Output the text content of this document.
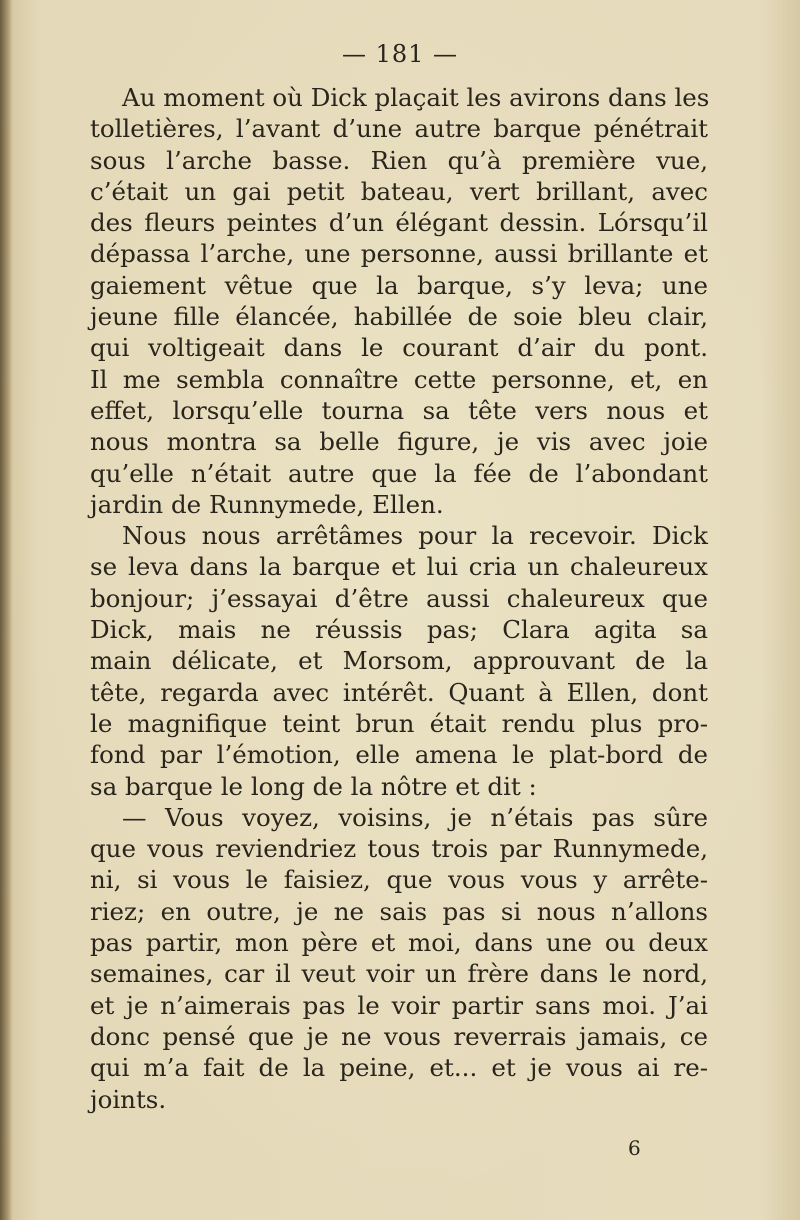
— 181 —
Au moment où Dick plaçait les avirons dans les
tolletières, l’avant d’une autre barque pénétrait
sous l’arche basse. Rien qu’à première vue,
c’était un gai petit bateau, vert brillant, avec
des fleurs peintes d’un élégant dessin. Lórsqu’il
dépassa l’arche, une personne, aussi brillante et
gaiement vêtue que la barque, s’y leva; une
jeune fille élancée, habillée de soie bleu clair,
qui voltigeait dans le courant d’air du pont.
Il me sembla connaître cette personne, et, en
effet, lorsqu’elle tourna sa tête vers nous et
nous montra sa belle figure, je vis avec joie
qu’elle n’était autre que la fée de l’abondant
jardin de Runnymede, Ellen.
Nous nous arrêtâmes pour la recevoir. Dick
se leva dans la barque et lui cria un chaleureux
bonjour; j’essayai d’être aussi chaleureux que
Dick, mais ne réussis pas; Clara agita sa
main délicate, et Morsom, approuvant de la
tête, regarda avec intérêt. Quant à Ellen, dont
le magnifique teint brun était rendu plus pro-
fond par l’émotion, elle amena le plat-bord de
sa barque le long de la nôtre et dit :
— Vous voyez, voisins, je n’étais pas sûre
que vous reviendriez tous trois par Runnymede,
ni, si vous le faisiez, que vous vous y arrête-
riez; en outre, je ne sais pas si nous n’allons
pas partir, mon père et moi, dans une ou deux
semaines, car il veut voir un frère dans le nord,
et je n’aimerais pas le voir partir sans moi. J’ai
donc pensé que je ne vous reverrais jamais, ce
qui m’a fait de la peine, et... et je vous ai re-
joints.
6
